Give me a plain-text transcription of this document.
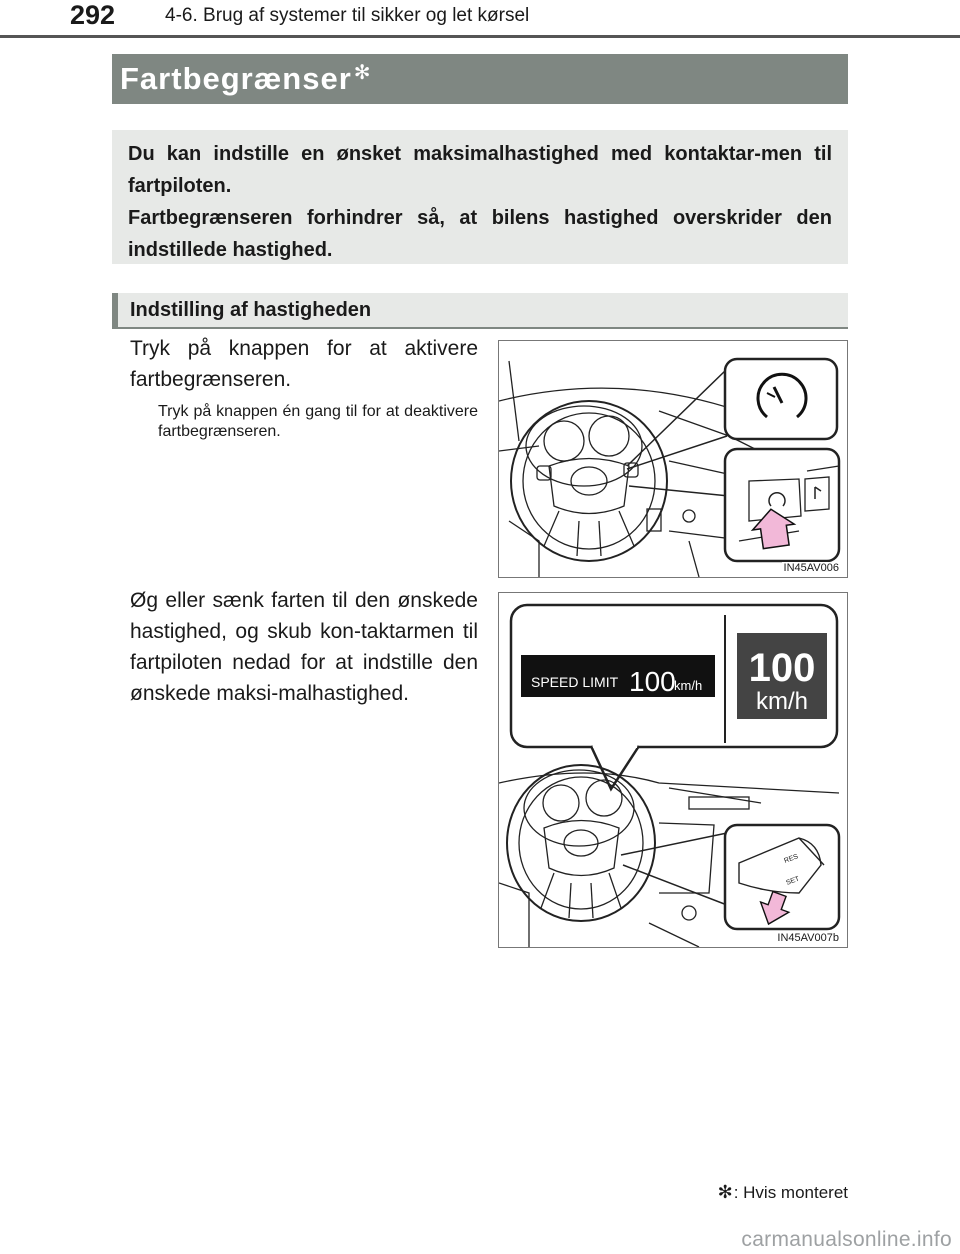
292	4-6. Brug af systemer til sikker og let kørsel
Fartbegrænser ✻

Du kan indstille en ønsket maksimalhastighed med kontaktar-men til fartpiloten.

Fartbegrænseren forhindrer så, at bilens hastighed overskrider den indstillede hastighed.

Indstilling af hastigheden
Tryk på knappen for at aktivere fartbegrænseren.
Tryk på knappen én gang til for at deaktivere fartbegrænseren.
Øg eller sænk farten til den ønskede hastighed, og skub kon-taktarmen til fartpiloten nedad for at indstille den ønskede maksi-malhastighed.
IN45AV006
SPEED LIMIT 100
km/h 100
km/h
RES
SET
IN45AV007b
✻ : Hvis monteret
carmanualsonline.info
